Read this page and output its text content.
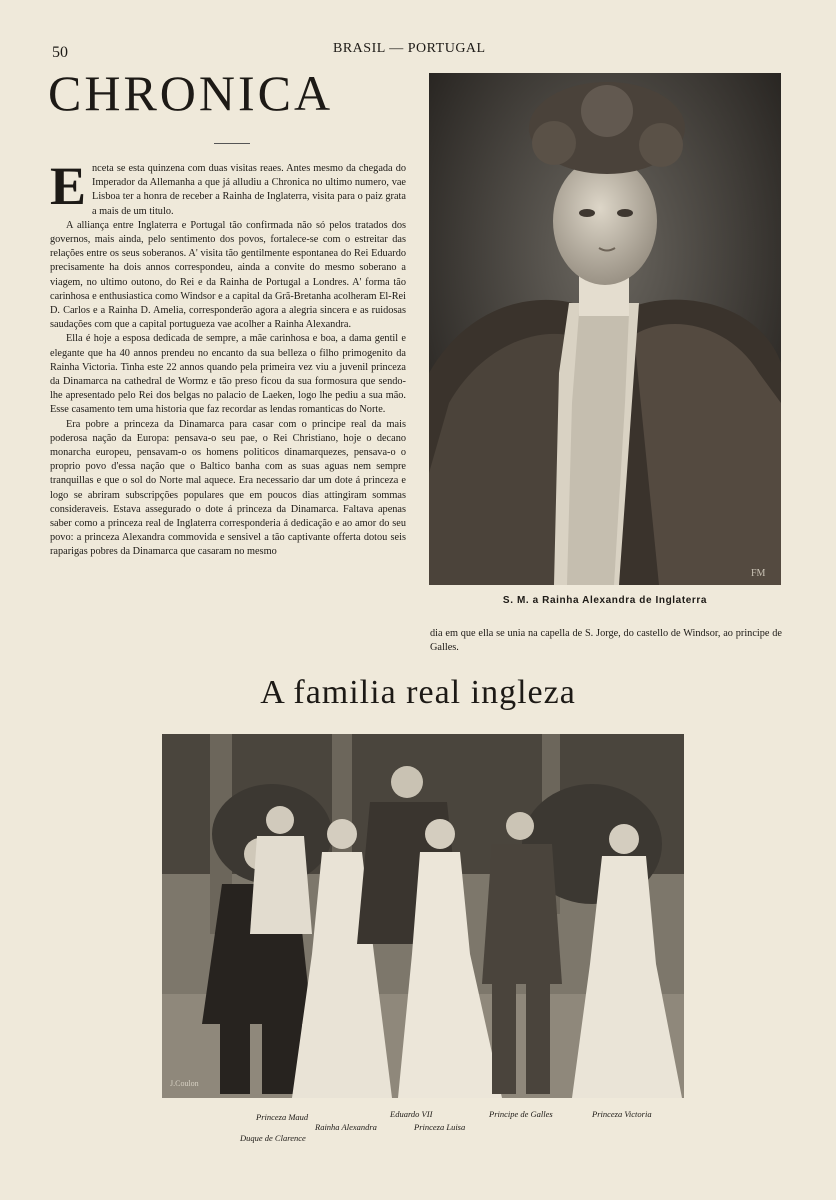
50	BRASIL — PORTUGAL
CHRONICA

Enceta se esta quinzena com duas visitas reaes. Antes mesmo da chegada do Imperador da Allemanha a que já alludiu a Chronica no ultimo numero, vae Lisboa ter a honra de receber a Rainha de Inglaterra, visita para o paiz grata a mais de um titulo.

A alliança entre Inglaterra e Portugal tão confirmada não só pelos tratados dos governos, mais ainda, pelo sentimento dos povos, fortalece-se com o estreitar das relações entre os seus soberanos. A' visita tão gentilmente espontanea do Rei Eduardo precisamente ha dois annos correspondeu, ainda a convite do mesmo soberano a viagem, no ultimo outono, do Rei e da Rainha de Portugal a Londres. A' forma tão carinhosa e enthusiastica como Windsor e a capital da Grã-Bretanha acolheram El-Rei D. Carlos e a Rainha D. Amelia, corresponderão agora a alegria sincera e as ruidosas saudações com que a capital portugueza vae acolher a Rainha Alexandra.

Ella é hoje a esposa dedicada de sempre, a mãe carinhosa e boa, a dama gentil e elegante que ha 40 annos prendeu no encanto da sua belleza o filho primogenito da Rainha Victoria. Tinha este 22 annos quando pela primeira vez viu a juvenil princeza da Dinamarca na cathedral de Wormz e tão preso ficou da sua formosura que sendo-lhe apresentado pelo Rei dos belgas no palacio de Laeken, logo lhe pediu a sua mão. Esse casamento tem uma historia que faz recordar as lendas romanticas do Norte.

Era pobre a princeza da Dinamarca para casar com o principe real da mais poderosa nação da Europa: pensava-o seu pae, o Rei Christiano, hoje o decano monarcha europeu, pensavam-o os homens politicos dinamarquezes, pensava-o o proprio povo d'essa nação que o Baltico banha com as suas aguas nem sempre tranquillas e que o sol do Norte mal aquece. Era necessario dar um dote á princeza e logo se abriram subscripções populares que em poucos dias attingiram sommas consideraveis. Estava assegurado o dote á princeza da Dinamarca. Faltava apenas saber como a princeza real de Inglaterra corresponderia á dedicação e ao amor do seu povo: a princeza Alexandra commovida e sensivel a tão captivante offerta dotou seis raparigas pobres da Dinamarca que casaram no mesmo

FM
S. M. a Rainha Alexandra de Inglaterra

dia em que ella se unia na capella de S. Jorge, do castello de Windsor, ao principe de Galles.

A familia real ingleza
J.Coulon
Princeza Maud	Eduardo VII	Principe de Galles	Princeza Victoria
Rainha Alexandra	Princeza Luisa
Duque de Clarence
